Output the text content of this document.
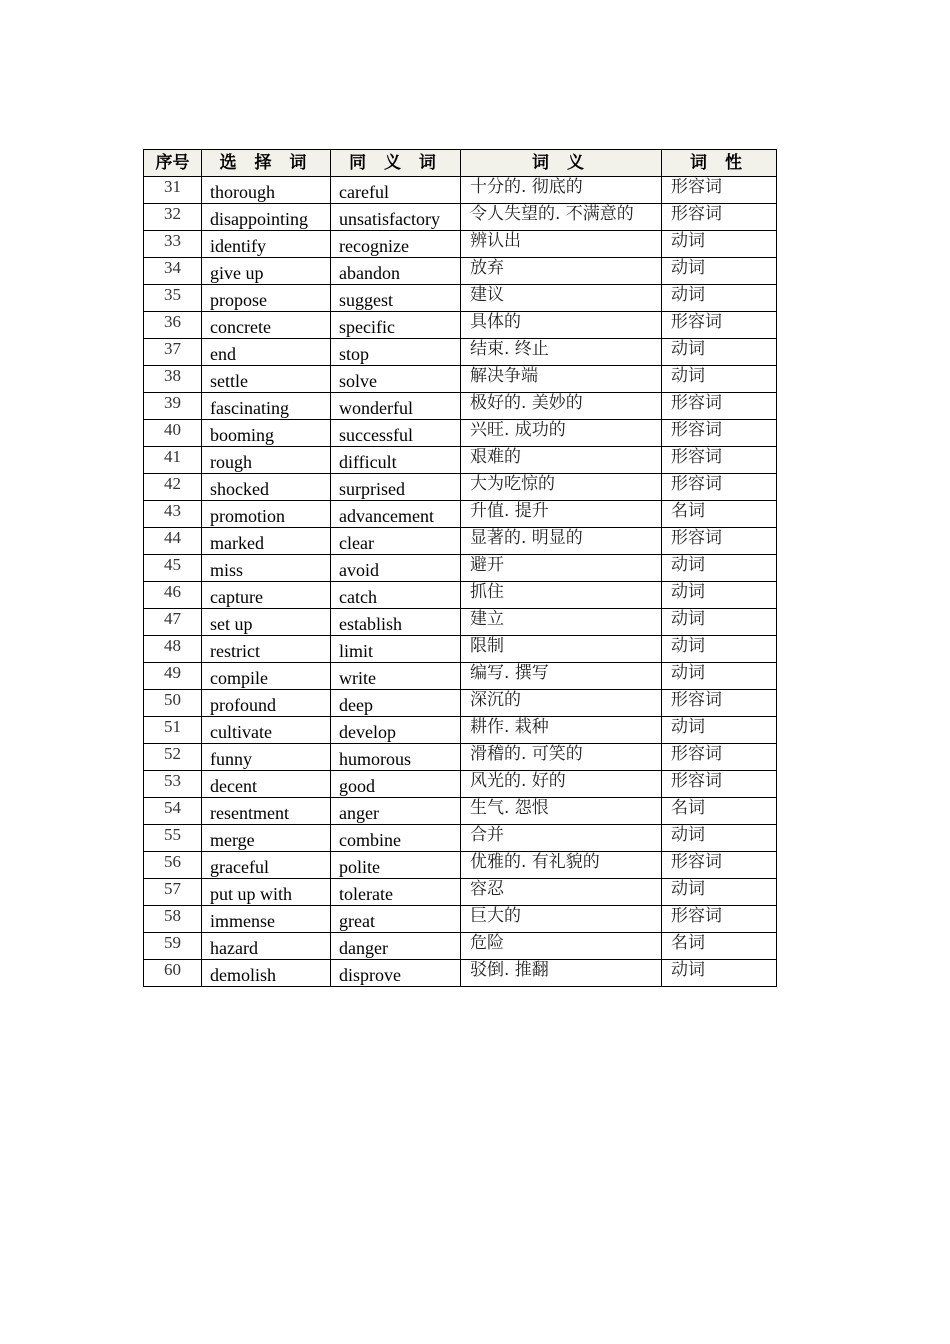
序号	选 择 词	同 义 词	词 义	词 性
31	thorough	careful	十分的. 彻底的	形容词
32	disappointing	unsatisfactory	令人失望的. 不满意的	形容词
33	identify	recognize	辨认出	动词
34	give up	abandon	放弃	动词
35	propose	suggest	建议	动词
36	concrete	specific	具体的	形容词
37	end	stop	结束. 终止	动词
38	settle	solve	解决争端	动词
39	fascinating	wonderful	极好的. 美妙的	形容词
40	booming	successful	兴旺. 成功的	形容词
41	rough	difficult	艰难的	形容词
42	shocked	surprised	大为吃惊的	形容词
43	promotion	advancement	升值. 提升	名词
44	marked	clear	显著的. 明显的	形容词
45	miss	avoid	避开	动词
46	capture	catch	抓住	动词
47	set up	establish	建立	动词
48	restrict	limit	限制	动词
49	compile	write	编写. 撰写	动词
50	profound	deep	深沉的	形容词
51	cultivate	develop	耕作. 栽种	动词
52	funny	humorous	滑稽的. 可笑的	形容词
53	decent	good	风光的. 好的	形容词
54	resentment	anger	生气. 怨恨	名词
55	merge	combine	合并	动词
56	graceful	polite	优雅的. 有礼貌的	形容词
57	put up with	tolerate	容忍	动词
58	immense	great	巨大的	形容词
59	hazard	danger	危险	名词
60	demolish	disprove	驳倒. 推翻	动词
